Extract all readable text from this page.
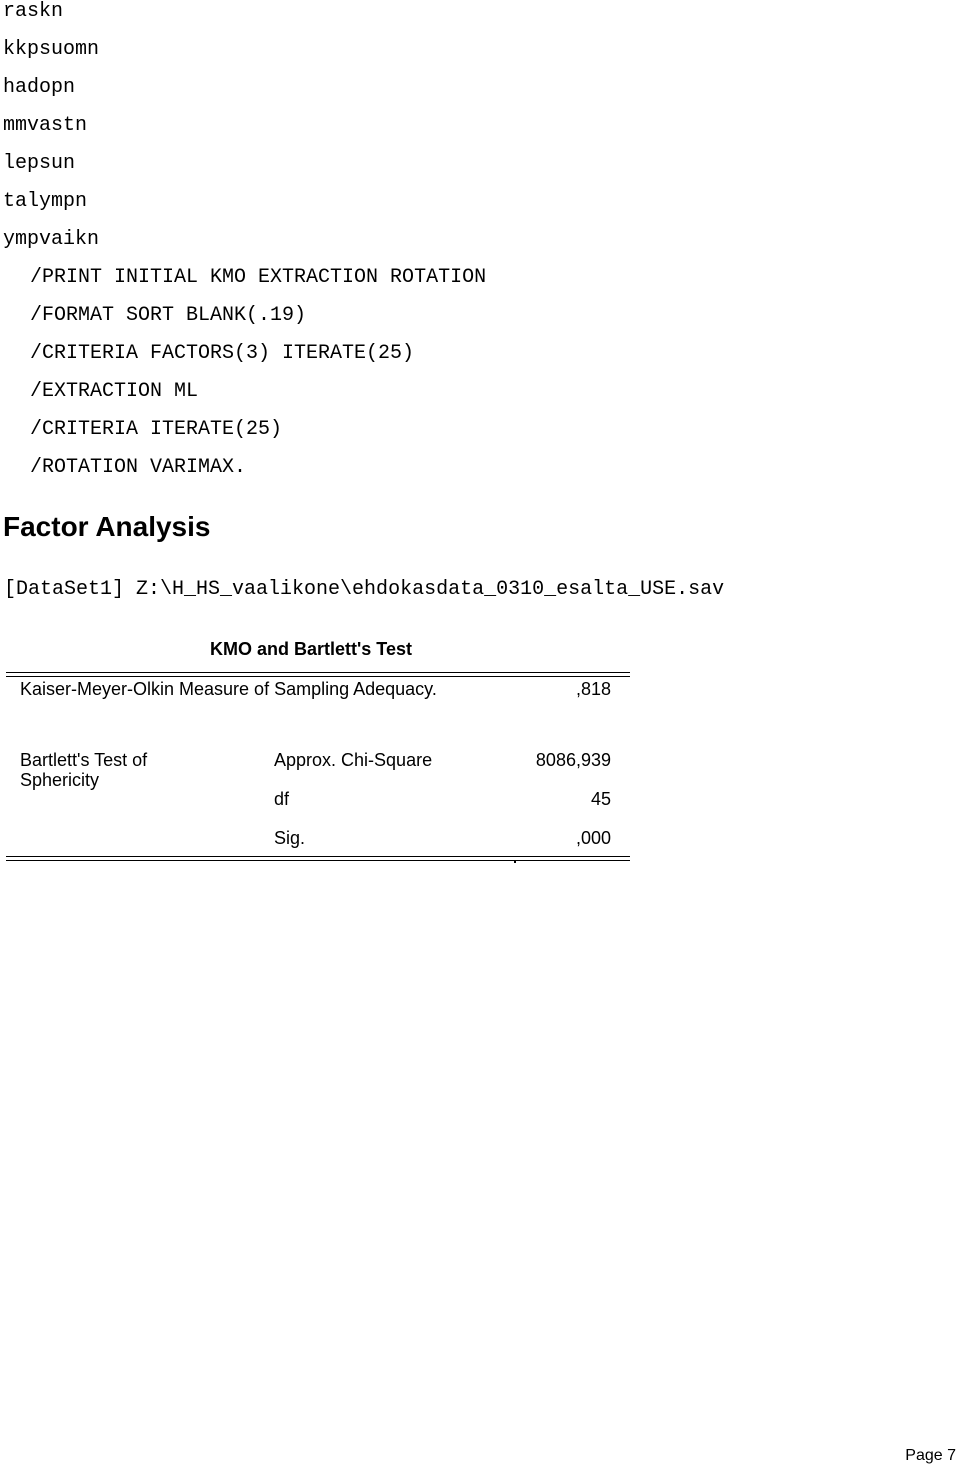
raskn
kkpsuomn
hadopn
mmvastn
lepsun
talympn
ympvaikn
/PRINT INITIAL KMO EXTRACTION ROTATION
/FORMAT SORT BLANK(.19)
/CRITERIA FACTORS(3) ITERATE(25)
/EXTRACTION ML
/CRITERIA ITERATE(25)
/ROTATION VARIMAX.
Factor Analysis
[DataSet1] Z:\H_HS_vaalikone\ehdokasdata_0310_esalta_USE.sav
KMO and Bartlett's Test
Kaiser-Meyer-Olkin Measure of Sampling Adequacy.	,818
Bartlett's Test of Sphericity
Approx. Chi-Square	8086,939
df	45
Sig.	,000
Page 7
